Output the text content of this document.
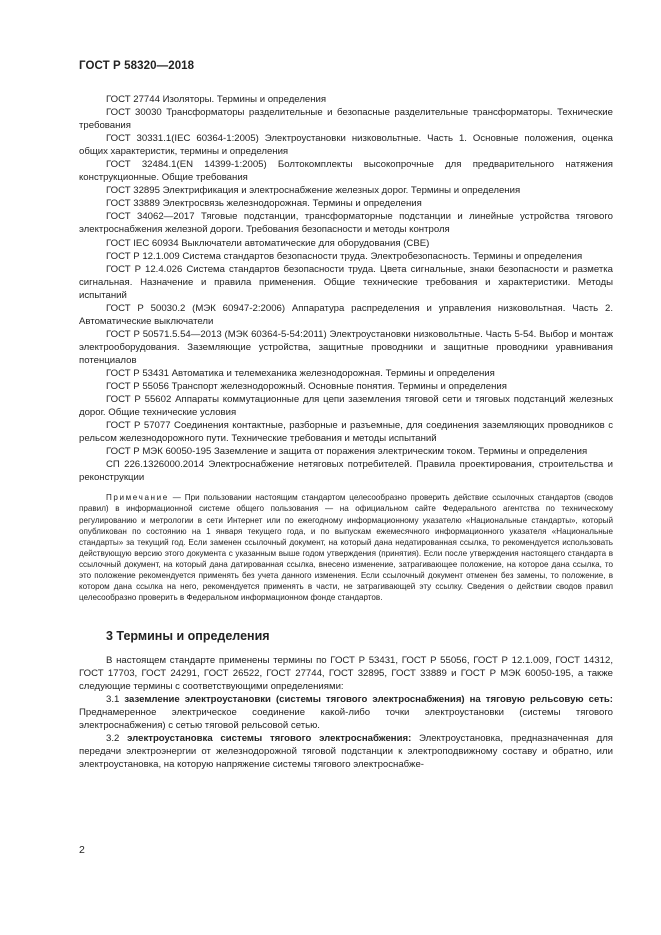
ГОСТ Р 58320—2018

ГОСТ 27744 Изоляторы. Термины и определения

ГОСТ 30030 Трансформаторы разделительные и безопасные разделительные трансформаторы. Технические требования

ГОСТ 30331.1(IEC 60364-1:2005) Электроустановки низковольтные. Часть 1. Основные положения, оценка общих характеристик, термины и определения

ГОСТ 32484.1(EN 14399-1:2005) Болтокомплекты высокопрочные для предварительного натяжения конструкционные. Общие требования

ГОСТ 32895 Электрификация и электроснабжение железных дорог. Термины и определения

ГОСТ 33889 Электросвязь железнодорожная. Термины и определения

ГОСТ 34062—2017 Тяговые подстанции, трансформаторные подстанции и линейные устройства тягового электроснабжения железной дороги. Требования безопасности и методы контроля

ГОСТ IEC 60934 Выключатели автоматические для оборудования (СВЕ)

ГОСТ Р 12.1.009 Система стандартов безопасности труда. Электробезопасность. Термины и определения

ГОСТ Р 12.4.026 Система стандартов безопасности труда. Цвета сигнальные, знаки безопасности и разметка сигнальная. Назначение и правила применения. Общие технические требования и характеристики. Методы испытаний

ГОСТ Р 50030.2 (МЭК 60947-2:2006) Аппаратура распределения и управления низковольтная. Часть 2. Автоматические выключатели

ГОСТ Р 50571.5.54—2013 (МЭК 60364-5-54:2011) Электроустановки низковольтные. Часть 5-54. Выбор и монтаж электрооборудования. Заземляющие устройства, защитные проводники и защитные проводники уравнивания потенциалов

ГОСТ Р 53431 Автоматика и телемеханика железнодорожная. Термины и определения

ГОСТ Р 55056 Транспорт железнодорожный. Основные понятия. Термины и определения

ГОСТ Р 55602 Аппараты коммутационные для цепи заземления тяговой сети и тяговых подстанций железных дорог. Общие технические условия

ГОСТ Р 57077 Соединения контактные, разборные и разъемные, для соединения заземляющих проводников с рельсом железнодорожного пути. Технические требования и методы испытаний

ГОСТ Р МЭК 60050-195 Заземление и защита от поражения электрическим током. Термины и определения

СП 226.1326000.2014 Электроснабжение нетяговых потребителей. Правила проектирования, строительства и реконструкции

Примечание — При пользовании настоящим стандартом целесообразно проверить действие ссылочных стандартов (сводов правил) в информационной системе общего пользования — на официальном сайте Федерального агентства по техническому регулированию и метрологии в сети Интернет или по ежегодному информационному указателю «Национальные стандарты», который опубликован по состоянию на 1 января текущего года, и по выпускам ежемесячного информационного указателя «Национальные стандарты» за текущий год. Если заменен ссылочный документ, на который дана недатированная ссылка, то рекомендуется использовать действующую версию этого документа с указанным выше годом утверждения (принятия). Если после утверждения настоящего стандарта в ссылочный документ, на который дана датированная ссылка, внесено изменение, затрагивающее положение, на которое дана ссылка, то это положение рекомендуется применять без учета данного изменения. Если ссылочный документ отменен без замены, то положение, в котором дана ссылка на него, рекомендуется применять в части, не затрагивающей эту ссылку. Сведения о действии сводов правил целесообразно проверить в Федеральном информационном фонде стандартов.

3 Термины и определения

В настоящем стандарте применены термины по ГОСТ Р 53431, ГОСТ Р 55056, ГОСТ Р 12.1.009, ГОСТ 14312, ГОСТ 17703, ГОСТ 24291, ГОСТ 26522, ГОСТ 27744, ГОСТ 32895, ГОСТ 33889 и ГОСТ Р МЭК 60050-195, а также следующие термины с соответствующими определениями:

3.1 заземление электроустановки (системы тягового электроснабжения) на тяговую рельсовую сеть: Преднамеренное электрическое соединение какой-либо точки электроустановки (системы тягового электроснабжения) с сетью тяговой рельсовой сетью.

3.2 электроустановка системы тягового электроснабжения: Электроустановка, предназначенная для передачи электроэнергии от железнодорожной тяговой подстанции к электроподвижному составу и обратно, или электроустановка, на которую напряжение системы тягового электроснабже-

2
